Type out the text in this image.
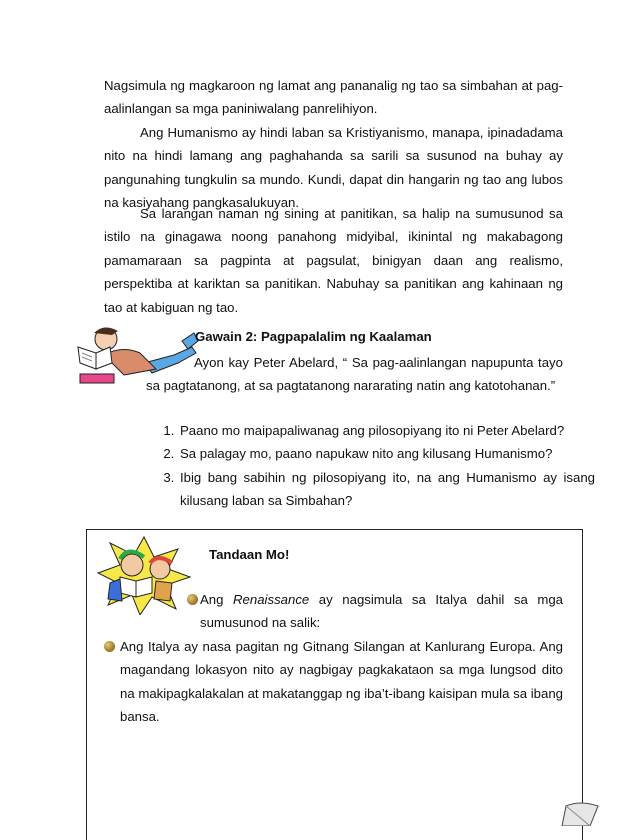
Nagsimula ng magkaroon ng lamat ang pananalig ng tao sa simbahan at pag-aalinlangan sa mga paniniwalang panrelihiyon.

Ang Humanismo ay hindi laban sa Kristiyanismo, manapa, ipinadadama nito na hindi lamang ang paghahanda sa sarili sa susunod na buhay ay pangunahing tungkulin sa mundo. Kundi, dapat din hangarin ng tao ang lubos na kasiyahang pangkasalukuyan.

Sa larangan naman ng sining at panitikan, sa halip na sumusunod sa istilo na ginagawa noong panahong midyibal, ikinintal ng makabagong pamamaraan sa pagpinta at pagsulat, binigyan daan ang realismo, perspektiba at kariktan sa panitikan. Nabuhay sa panitikan ang kahinaan ng tao at kabiguan ng tao.

Gawain 2: Pagpapalalim ng Kaalaman

Ayon kay Peter Abelard, “ Sa pag-aalinlangan napupunta tayo sa pagtatanong, at sa pagtatanong nararating natin ang katotohanan.”

1. Paano mo maipapaliwanag ang pilosopiyang ito ni Peter Abelard?
2. Sa palagay mo, paano napukaw nito ang kilusang Humanismo?
3. Ibig bang sabihin ng pilosopiyang ito, na ang Humanismo ay isang kilusang laban sa Simbahan?
Tandaan Mo!

Ang Renaissance ay nagsimula sa Italya dahil sa mga sumusunod na salik:

Ang Italya ay nasa pagitan ng Gitnang Silangan at Kanlurang Europa. Ang magandang lokasyon nito ay nagbigay pagkakataon sa mga lungsod dito na makipagkalakalan at makatanggap ng iba’t-ibang kaisipan mula sa ibang bansa.
